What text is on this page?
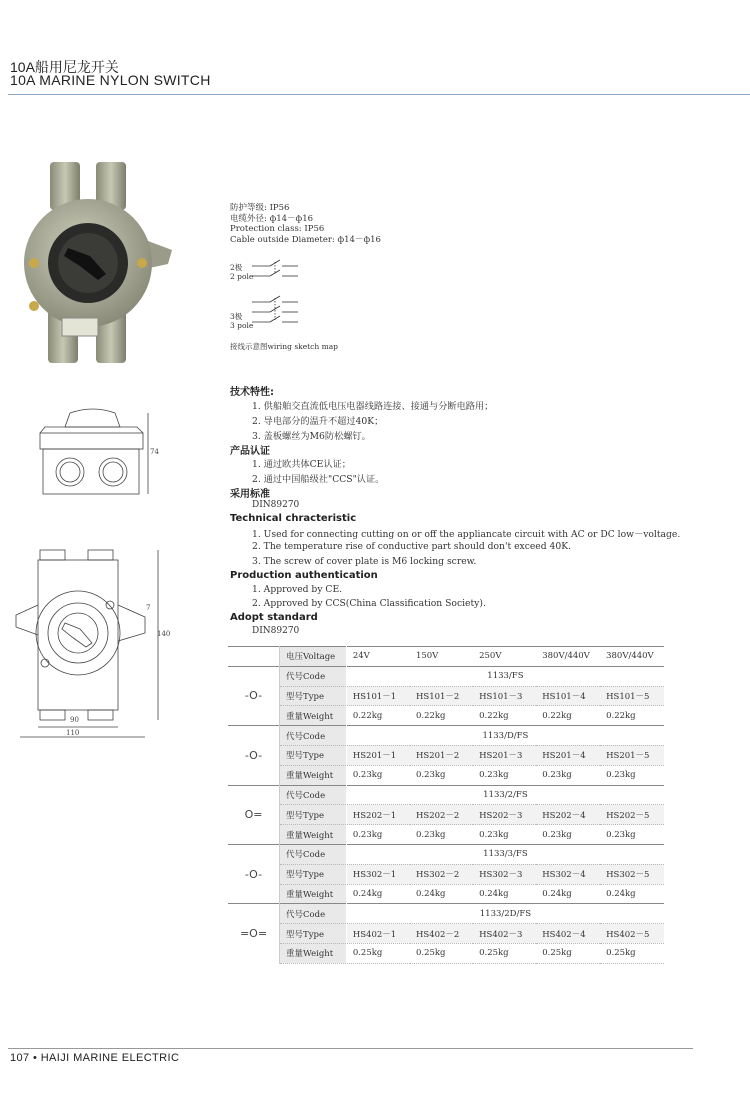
10A船用尼龙开关
10A MARINE NYLON SWITCH
防护等级: IP56
电缆外径: ф14－ф16
Protection class: IP56
Cable outside Diameter: ф14－ф16
2极
2 pole
3极
3 pole
接线示意图wiring sketch map
74
140
7
90
110
技术特性:
1. 供船舶交直流低电压电器线路连接、接通与分断电路用；
2. 导电部分的温升不超过40K；
3. 盖板螺丝为M6防松螺钉。
产品认证
1. 通过欧共体CE认证；
2. 通过中国船级社"CCS"认证。
采用标准
DIN89270
Technical chracteristic
1. Used for connecting cutting on or off the appliancate circuit with AC or DC low－voltage.
2. The temperature rise of conductive part should don't exceed 40K.
3. The screw of cover plate is M6 locking screw.
Production authentication
1. Approved by CE.
2. Approved by CCS(China Classification Society).
Adopt standard
DIN89270
	电压Voltage	24V	150V	250V	380V/440V	380V/440V
-O-	代号Code	1133/FS				
	型号Type	HS101－1	HS101－2	HS101－3	HS101－4	HS101－5
	重量Weight	0.22kg	0.22kg	0.22kg	0.22kg	0.22kg
-O-	代号Code	1133/D/FS				
	型号Type	HS201－1	HS201－2	HS201－3	HS201－4	HS201－5
	重量Weight	0.23kg	0.23kg	0.23kg	0.23kg	0.23kg
O=	代号Code	1133/2/FS				
	型号Type	HS202－1	HS202－2	HS202－3	HS202－4	HS202－5
	重量Weight	0.23kg	0.23kg	0.23kg	0.23kg	0.23kg
-O-	代号Code	1133/3/FS				
	型号Type	HS302－1	HS302－2	HS302－3	HS302－4	HS302－5
	重量Weight	0.24kg	0.24kg	0.24kg	0.24kg	0.24kg
=O=	代号Code	1133/2D/FS				
	型号Type	HS402－1	HS402－2	HS402－3	HS402－4	HS402－5
	重量Weight	0.25kg	0.25kg	0.25kg	0.25kg	0.25kg
107 • HAIJI MARINE ELECTRIC
